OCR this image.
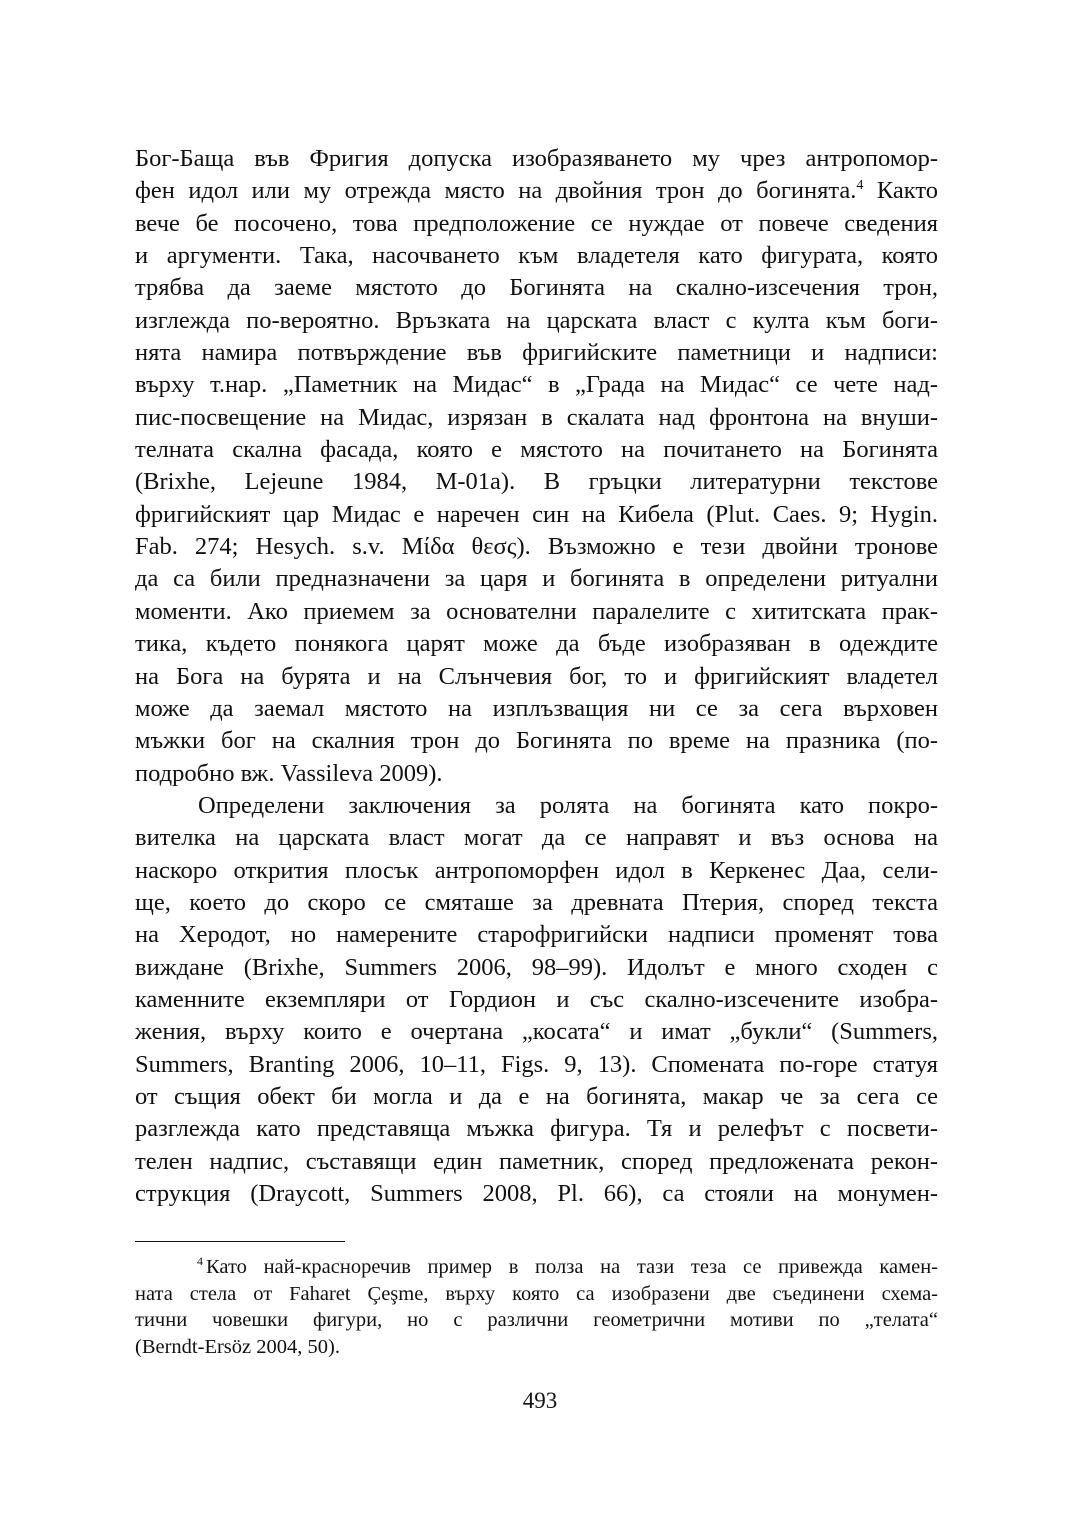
Бог-Баща във Фригия допуска изобразяването му чрез антропомор-
фен идол или му отрежда място на двойния трон до богинята.$^4$ Както
вече бе посочено, това предположение се нуждае от повече сведения
и аргументи. Така, насочването към владетеля като фигурата, която
трябва да заеме мястото до Богинята на скално-изсечения трон,
изглежда по-вероятно. Връзката на царската власт с култа към боги-
нята намира потвърждение във фригийските паметници и надписи:
върху т.нар. „Паметник на Мидас“ в „Града на Мидас“ се чете над-
пис-посвещение на Мидас, изрязан в скалата над фронтона на внуши-
телната скална фасада, която е мястото на почитането на Богинята
(Brixhe, Lejeune 1984, M-01a). В гръцки литературни текстове
фригийският цар Мидас е наречен син на Кибела (Plut. Caes. 9; Hygin.
Fab. 274; Hesych. s.v. Μίδα θεσς). Възможно е тези двойни тронове
да са били предназначени за царя и богинята в определени ритуални
моменти. Ако приемем за основателни паралелите с хититската прак-
тика, където понякога царят може да бъде изобразяван в одеждите
на Бога на бурята и на Слънчевия бог, то и фригийският владетел
може да заемал мястото на изплъзващия ни се за сега върховен
мъжки бог на скалния трон до Богинята по време на празника (по-
подробно вж. Vassileva 2009).
Определени заключения за ролята на богинята като покро-
вителка на царската власт могат да се направят и въз основа на
наскоро открития плосък антропоморфен идол в Керкенес Даа, сели-
ще, което до скоро се смяташе за древната Птерия, според текста
на Херодот, но намерените старофригийски надписи променят това
виждане (Brixhe, Summers 2006, 98–99). Идолът е много сходен с
каменните екземпляри от Гордион и със скално-изсечените изобра-
жения, върху които е очертана „косата“ и имат „букли“ (Summers,
Summers, Branting 2006, 10–11, Figs. 9, 13). Спомената по-горе статуя
от същия обект би могла и да е на богинята, макар че за сега се
разглежда като представяща мъжка фигура. Тя и релефът с посвети-
телен надпис, съставящи един паметник, според предложената рекон-
струкция (Draycott, Summers 2008, Pl. 66), са стояли на монумен-
$^4$ Като най-красноречив пример в полза на тази теза се привежда камен-
ната стела от Faharet Çeşme, върху която са изобразени две съединени схема-
тични човешки фигури, но с различни геометрични мотиви по „телата“
(Berndt-Ersöz 2004, 50).
493
